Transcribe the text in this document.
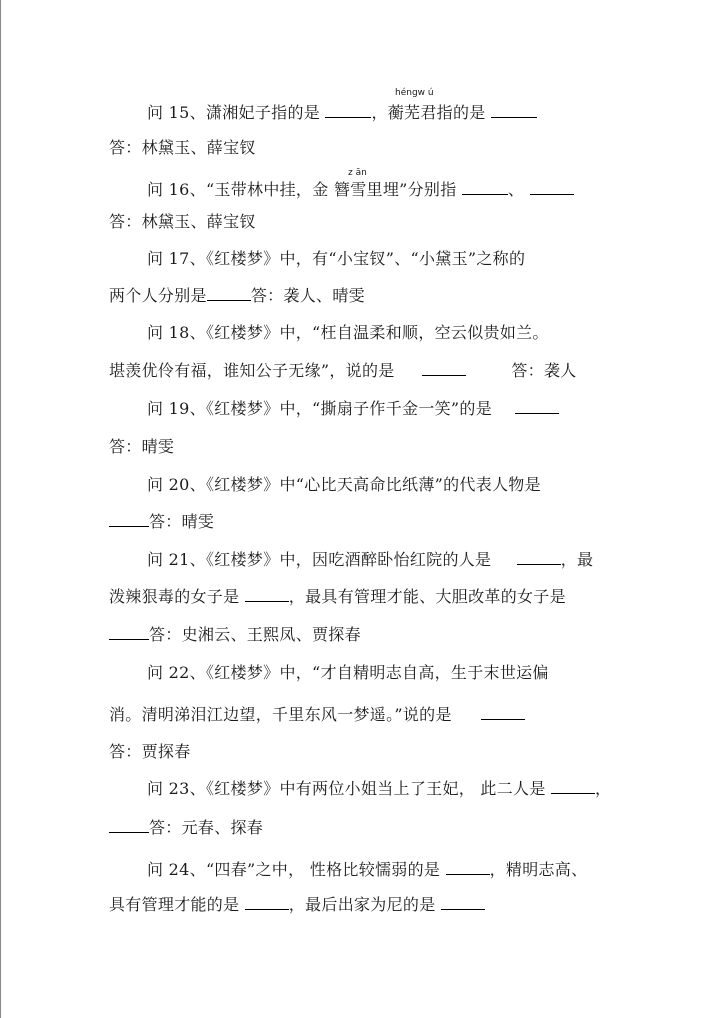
héngw ú
问 15、潇湘妃子指的是	，蘅芜君指的是
答：林黛玉、薛宝钗
z ān
问 16、“玉带林中挂，金 簪雪里埋”分别指	、
答：林黛玉、薛宝钗
问 17、《红楼梦》中，有“小宝钗”、“小黛玉”之称的
两个人分别是	答：袭人、晴雯
问 18、《红楼梦》中，“枉自温柔和顺，空云似贵如兰。
堪羡优伶有福，谁知公子无缘”，说的是	答：袭人
问 19、《红楼梦》中，“撕扇子作千金一笑”的是
答：晴雯
问 20、《红楼梦》中“心比天高命比纸薄”的代表人物是
答：晴雯
问 21、《红楼梦》中，因吃酒醉卧怡红院的人是	，最
泼辣狠毒的女子是	，最具有管理才能、大胆改革的女子是
答：史湘云、王熙凤、贾探春
问 22、《红楼梦》中，“才自精明志自高，生于末世运偏
消。清明涕泪江边望，千里东风一梦遥。”说的是
答：贾探春
问 23、《红楼梦》中有两位小姐当上了王妃， 此二人是	，
答：元春、探春
问 24、“四春”之中， 性格比较懦弱的是	，精明志高、
具有管理才能的是	，最后出家为尼的是
